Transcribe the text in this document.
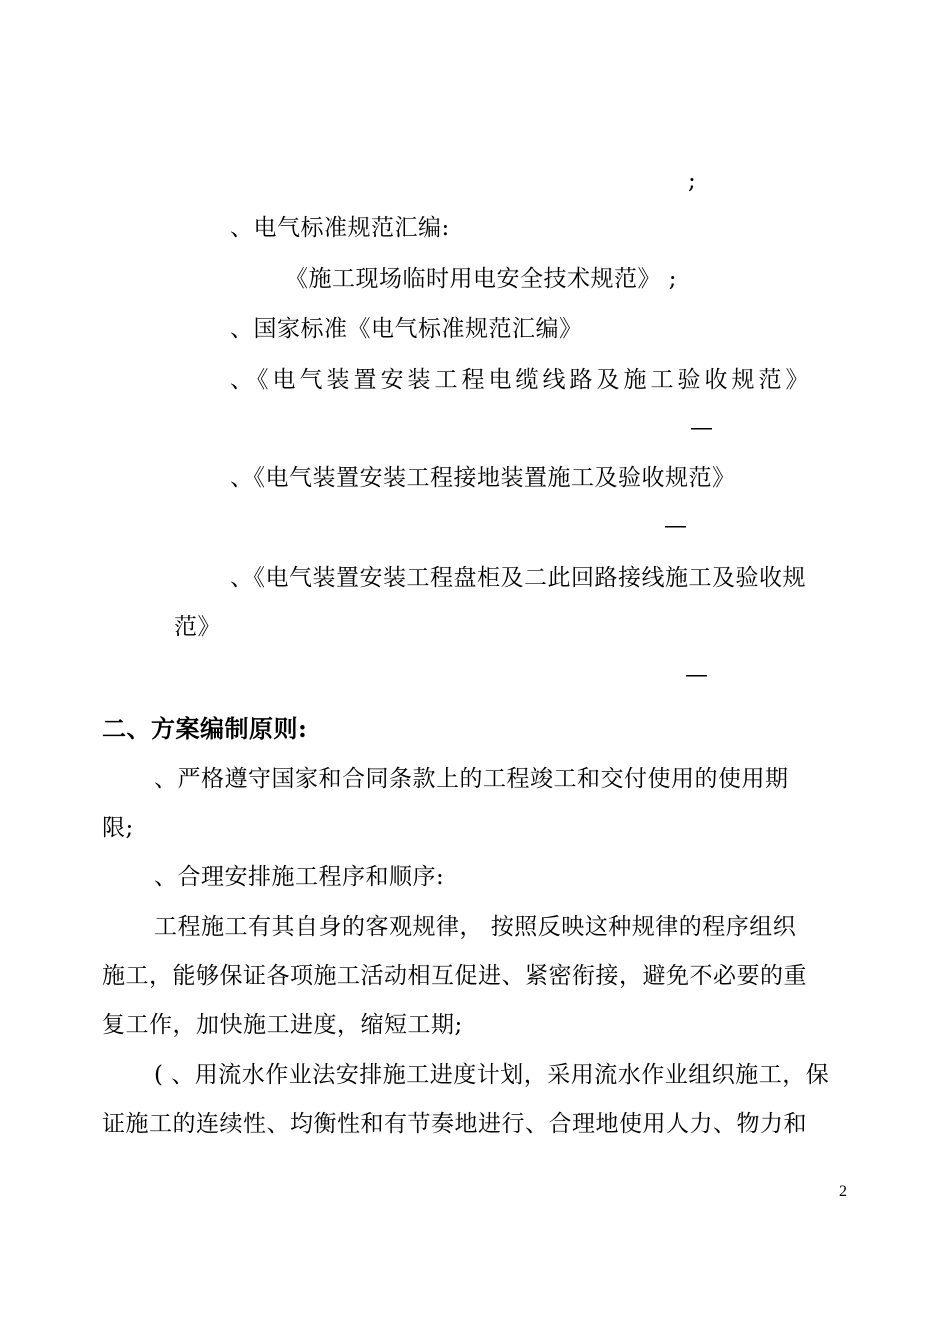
;
、电气标准规范汇编:
《施工现场临时用电安全技术规范》 ;
、国家标准《电气标准规范汇编》
、《电气装置安装工程电缆线路及施工验收规范》
—
、《电气装置安装工程接地装置施工及验收规范》
—
、《电气装置安装工程盘柜及二此回路接线施工及验收规
范》
—
二、方案编制原则:
、严格遵守国家和合同条款上的工程竣工和交付使用的使用期
限;
、合理安排施工程序和顺序:
工程施工有其自身的客观规律， 按照反映这种规律的程序组织
施工，能够保证各项施工活动相互促进、紧密衔接，避免不必要的重
复工作，加快施工进度，缩短工期;
( 、用流水作业法安排施工进度计划，采用流水作业组织施工，保
证施工的连续性、均衡性和有节奏地进行、合理地使用人力、物力和
2
